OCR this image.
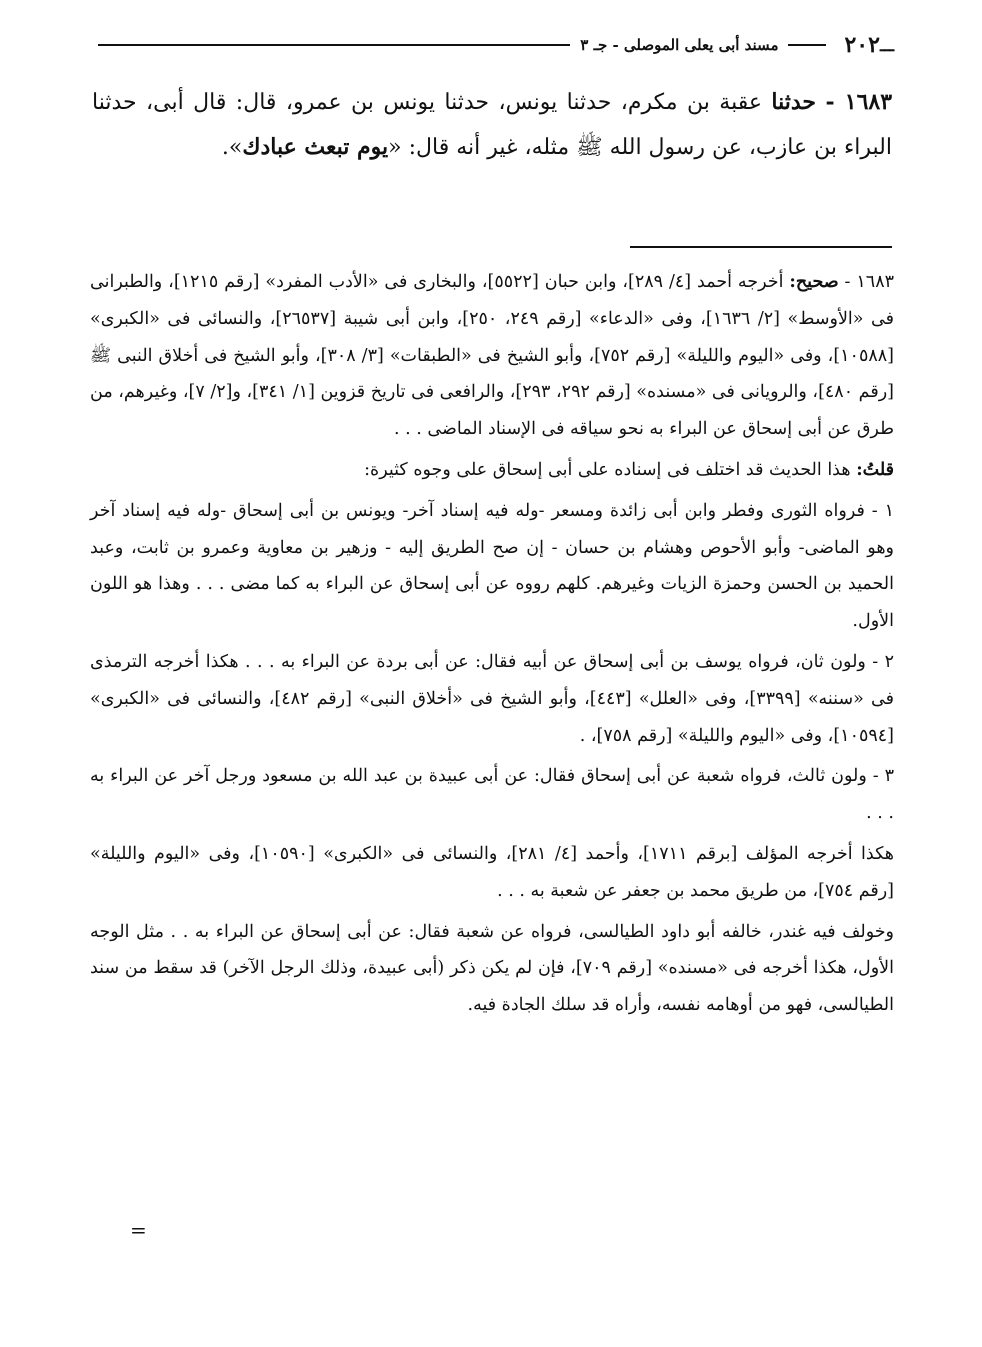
ـــ
٢٠٢
مسند أبى يعلى الموصلى - جـ ٣
١٦٨٣ - حدثنا عقبة بن مكرم، حدثنا يونس، حدثنا يونس بن عمرو، قال: قال أبى، حدثنا البراء بن عازب، عن رسول الله ﷺ مثله، غير أنه قال: «يوم تبعث عبادك».

١٦٨٣ - صحيح: أخرجه أحمد [٤/ ٢٨٩]، وابن حبان [٥٥٢٢]، والبخارى فى «الأدب المفرد» [رقم ١٢١٥]، والطبرانى فى «الأوسط» [٢/ ١٦٣٦]، وفى «الدعاء» [رقم ٢٤٩، ٢٥٠]، وابن أبى شيبة [٢٦٥٣٧]، والنسائى فى «الكبرى» [١٠٥٨٨]، وفى «اليوم والليلة» [رقم ٧٥٢]، وأبو الشيخ فى «الطبقات» [٣/ ٣٠٨]، وأبو الشيخ فى أخلاق النبى ﷺ [رقم ٤٨٠]، والرويانى فى «مسنده» [رقم ٢٩٢، ٢٩٣]، والرافعى فى تاريخ قزوين [١/ ٣٤١]، و[٢/ ٧]، وغيرهم، من طرق عن أبى إسحاق عن البراء به نحو سياقه فى الإسناد الماضى . . .

قلتُ: هذا الحديث قد اختلف فى إسناده على أبى إسحاق على وجوه كثيرة:

١ - فرواه الثورى وفطر وابن أبى زائدة ومسعر -وله فيه إسناد آخر- ويونس بن أبى إسحاق -وله فيه إسناد آخر وهو الماضى- وأبو الأحوص وهشام بن حسان - إن صح الطريق إليه - وزهير بن معاوية وعمرو بن ثابت، وعبد الحميد بن الحسن وحمزة الزيات وغيرهم. كلهم رووه عن أبى إسحاق عن البراء به كما مضى . . . وهذا هو اللون الأول.

٢ - ولون ثان، فرواه يوسف بن أبى إسحاق عن أبيه فقال: عن أبى بردة عن البراء به . . . هكذا أخرجه الترمذى فى «سننه» [٣٣٩٩]، وفى «العلل» [٤٤٣]، وأبو الشيخ فى «أخلاق النبى» [رقم ٤٨٢]، والنسائى فى «الكبرى» [١٠٥٩٤]، وفى «اليوم والليلة» [رقم ٧٥٨]، .

٣ - ولون ثالث، فرواه شعبة عن أبى إسحاق فقال: عن أبى عبيدة بن عبد الله بن مسعود ورجل آخر عن البراء به . . .

هكذا أخرجه المؤلف [برقم ١٧١١]، وأحمد [٤/ ٢٨١]، والنسائى فى «الكبرى» [١٠٥٩٠]، وفى «اليوم والليلة» [رقم ٧٥٤]، من طريق محمد بن جعفر عن شعبة به . . .

وخولف فيه غندر، خالفه أبو داود الطيالسى، فرواه عن شعبة فقال: عن أبى إسحاق عن البراء به . . مثل الوجه الأول، هكذا أخرجه فى «مسنده» [رقم ٧٠٩]، فإن لم يكن ذكر (أبى عبيدة، وذلك الرجل الآخر) قد سقط من سند الطيالسى، فهو من أوهامه نفسه، وأراه قد سلك الجادة فيه.

=
